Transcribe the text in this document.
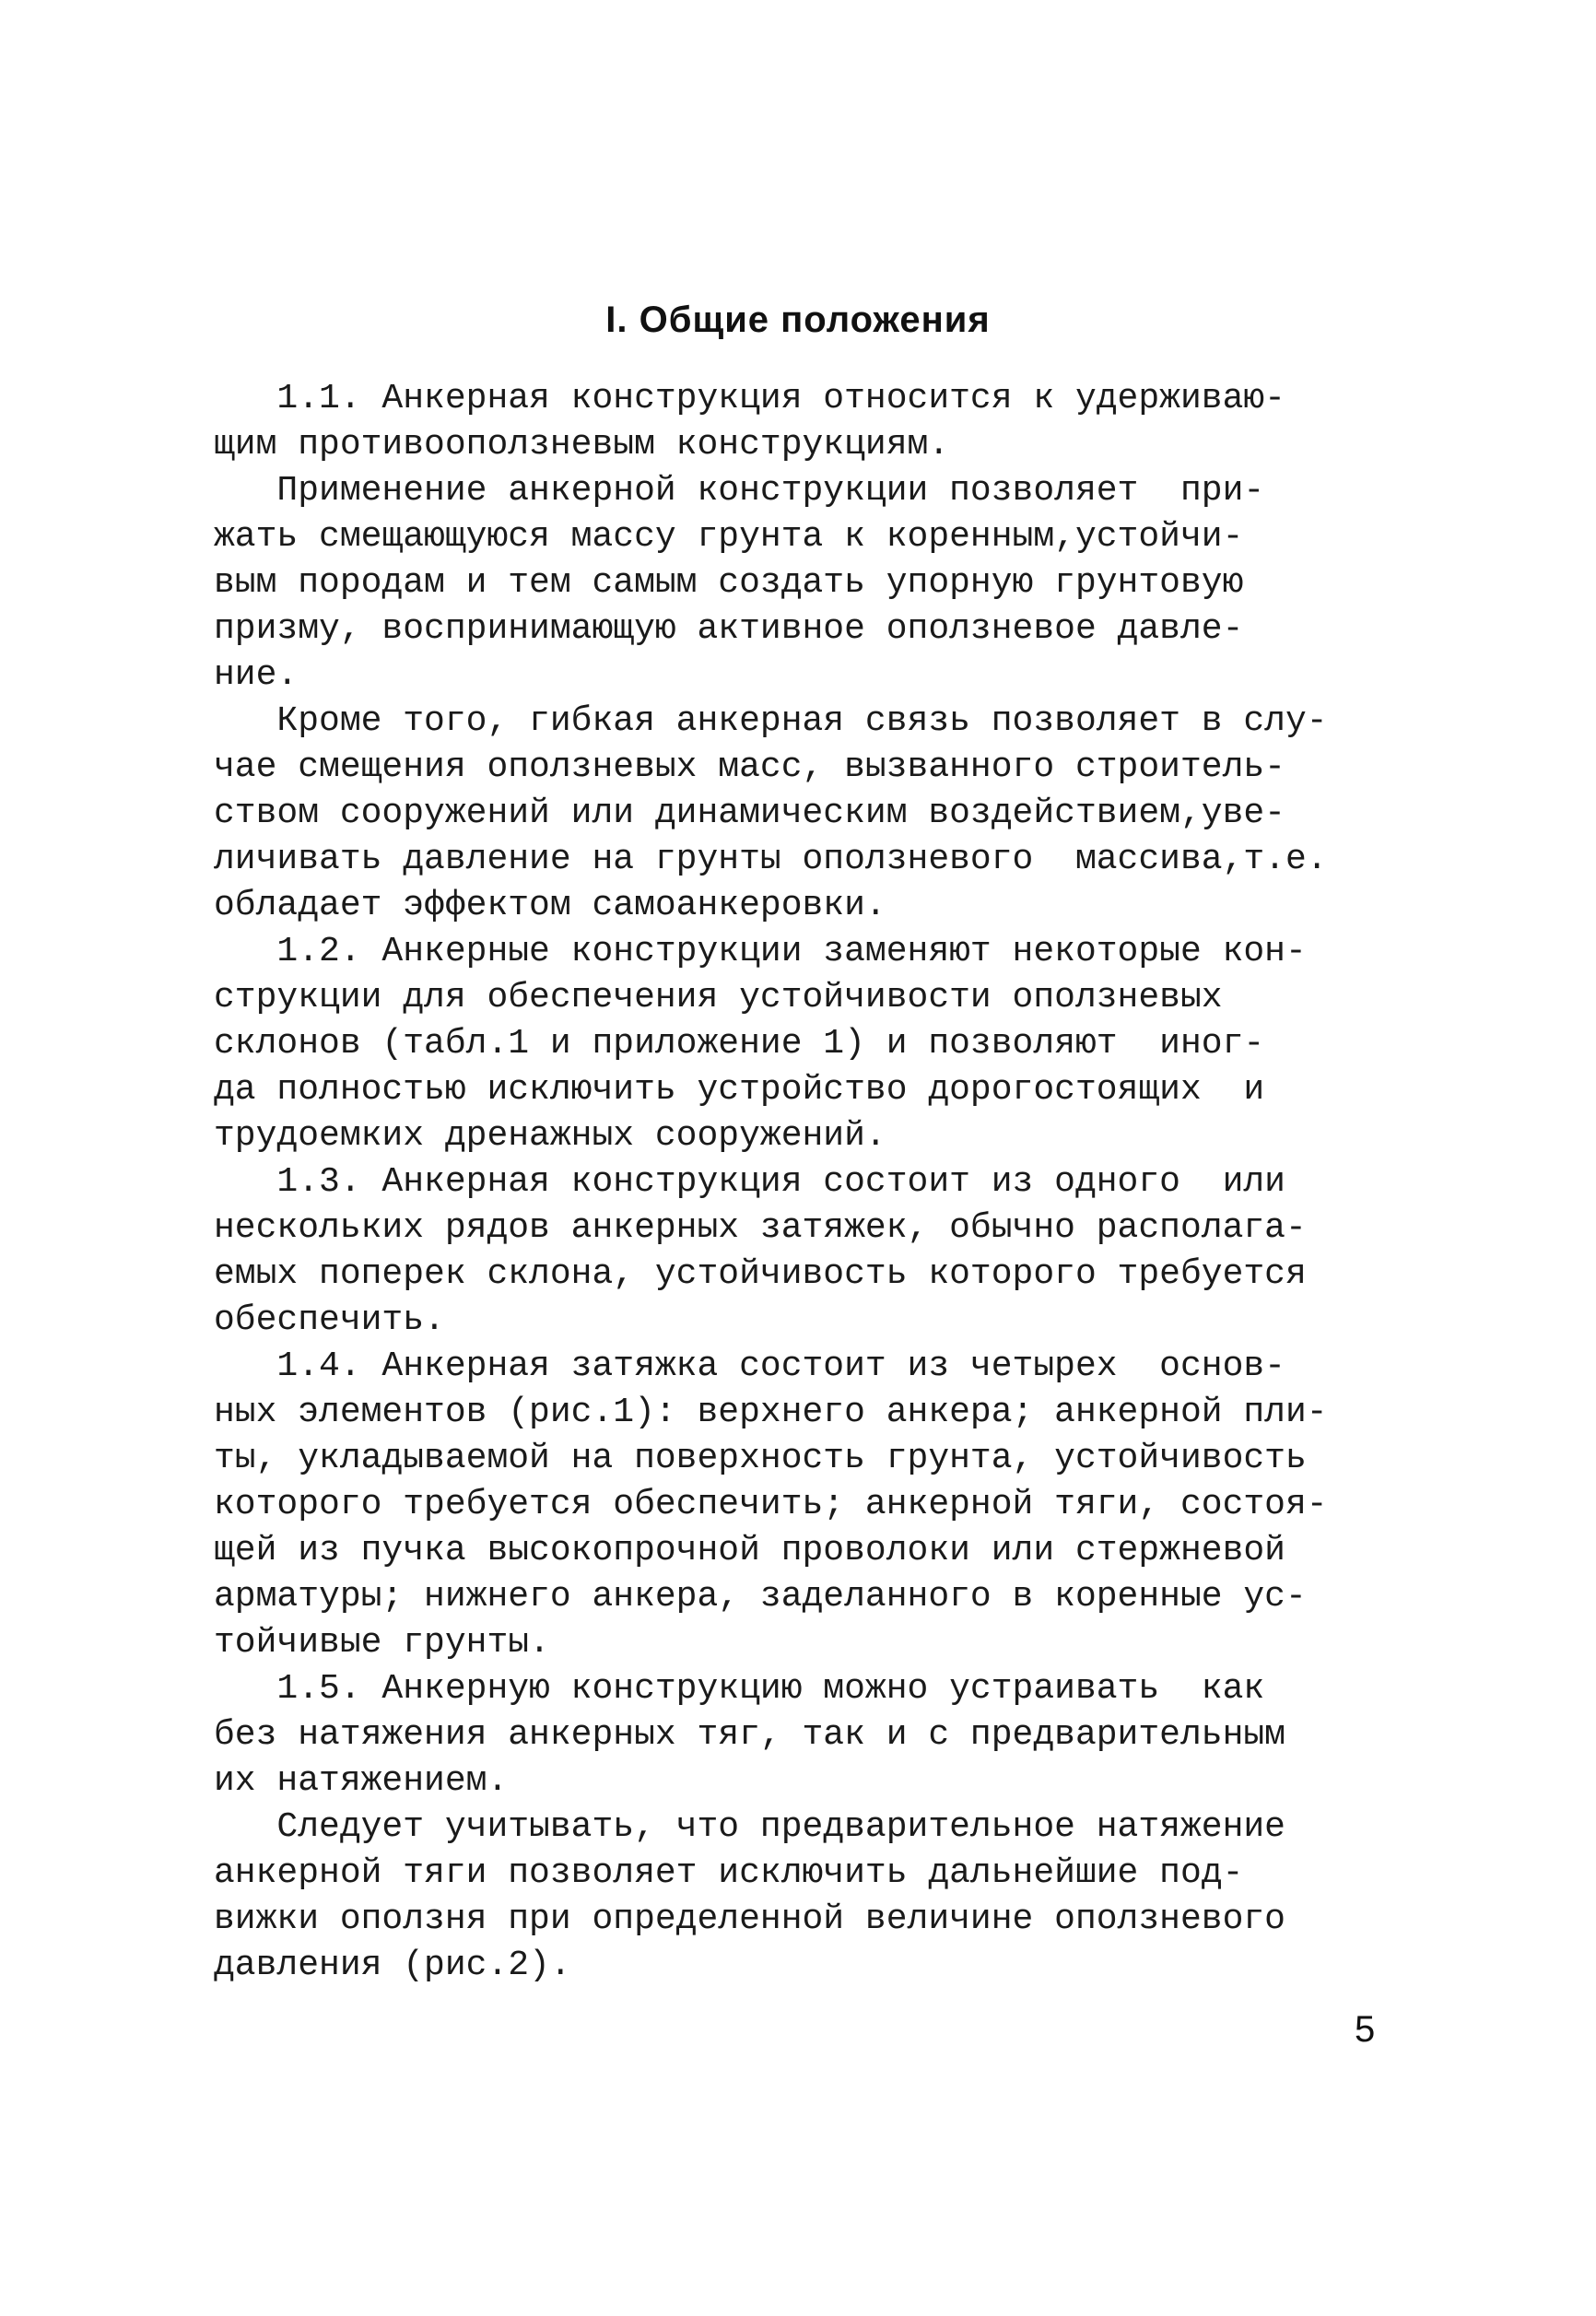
I. Общие положения
1.1. Анкерная конструкция относится к удерживаю-
щим противооползневым конструкциям.
Применение анкерной конструкции позволяет  при-
жать смещающуюся массу грунта к коренным,устойчи-
вым породам и тем самым создать упорную грунтовую
призму, воспринимающую активное оползневое давле-
ние.
Кроме того, гибкая анкерная связь позволяет в слу-
чае смещения оползневых масс, вызванного строитель-
ством сооружений или динамическим воздействием,уве-
личивать давление на грунты оползневого  массива,т.е.
обладает эффектом самоанкеровки.
1.2. Анкерные конструкции заменяют некоторые кон-
струкции для обеспечения устойчивости оползневых
склонов (табл.1 и приложение 1) и позволяют  иног-
да полностью исключить устройство дорогостоящих  и
трудоемких дренажных сооружений.
1.3. Анкерная конструкция состоит из одного  или
нескольких рядов анкерных затяжек, обычно располага-
емых поперек склона, устойчивость которого требуется
обеспечить.
1.4. Анкерная затяжка состоит из четырех  основ-
ных элементов (рис.1): верхнего анкера; анкерной пли-
ты, укладываемой на поверхность грунта, устойчивость
которого требуется обеспечить; анкерной тяги, состоя-
щей из пучка высокопрочной проволоки или стержневой
арматуры; нижнего анкера, заделанного в коренные ус-
тойчивые грунты.
1.5. Анкерную конструкцию можно устраивать  как
без натяжения анкерных тяг, так и с предварительным
их натяжением.
Следует учитывать, что предварительное натяжение
анкерной тяги позволяет исключить дальнейшие под-
вижки оползня при определенной величине оползневого
давления (рис.2).
5
